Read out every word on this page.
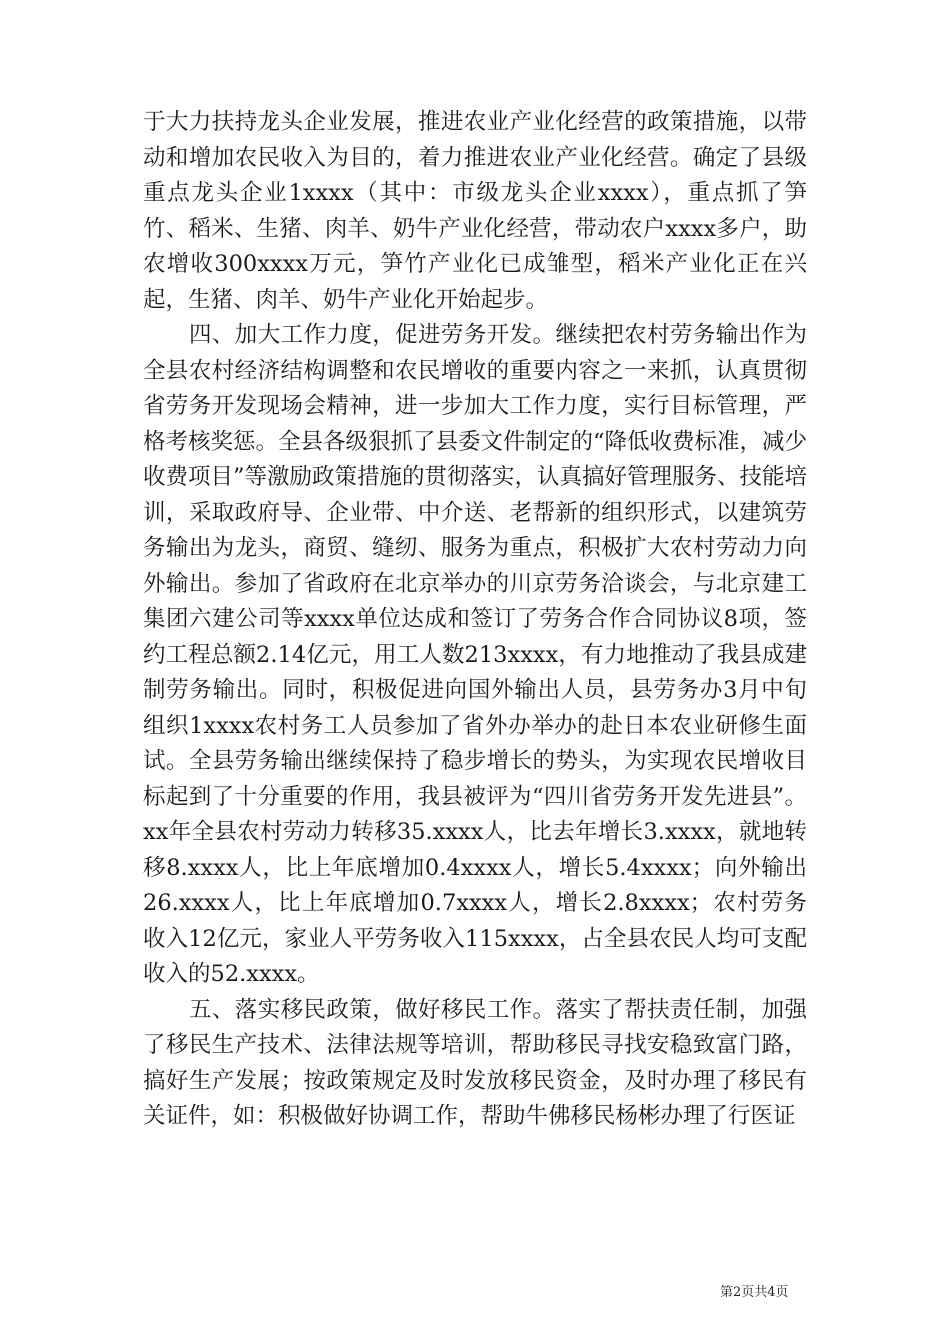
于大力扶持龙头企业发展，推进农业产业化经营的政策措施，以带动和增加农民收入为目的，着力推进农业产业化经营。确定了县级重点龙头企业1xxxx（其中：市级龙头企业xxxx），重点抓了笋竹、稻米、生猪、肉羊、奶牛产业化经营，带动农户xxxx多户，助农增收300xxxx万元，笋竹产业化已成雏型，稻米产业化正在兴起，生猪、肉羊、奶牛产业化开始起步。

四、加大工作力度，促进劳务开发。继续把农村劳务输出作为全县农村经济结构调整和农民增收的重要内容之一来抓，认真贯彻省劳务开发现场会精神，进一步加大工作力度，实行目标管理，严格考核奖惩。全县各级狠抓了县委文件制定的“降低收费标准，减少收费项目”等激励政策措施的贯彻落实，认真搞好管理服务、技能培训，采取政府导、企业带、中介送、老帮新的组织形式，以建筑劳务输出为龙头，商贸、缝纫、服务为重点，积极扩大农村劳动力向外输出。参加了省政府在北京举办的川京劳务洽谈会，与北京建工集团六建公司等xxxx单位达成和签订了劳务合作合同协议8项，签约工程总额2.14亿元，用工人数213xxxx，有力地推动了我县成建制劳务输出。同时，积极促进向国外输出人员，县劳务办3月中旬组织1xxxx农村务工人员参加了省外办举办的赴日本农业研修生面试。全县劳务输出继续保持了稳步增长的势头，为实现农民增收目标起到了十分重要的作用，我县被评为“四川省劳务开发先进县”。xx年全县农村劳动力转移35.xxxx人，比去年增长3.xxxx，就地转移8.xxxx人，比上年底增加0.4xxxx人，增长5.4xxxx；向外输出26.xxxx人，比上年底增加0.7xxxx人，增长2.8xxxx；农村劳务收入12亿元，家业人平劳务收入115xxxx，占全县农民人均可支配收入的52.xxxx。

五、落实移民政策，做好移民工作。落实了帮扶责任制，加强了移民生产技术、法律法规等培训，帮助移民寻找安稳致富门路，搞好生产发展；按政策规定及时发放移民资金，及时办理了移民有关证件，如：积极做好协调工作，帮助牛佛移民杨彬办理了行医证

第2页共4页
